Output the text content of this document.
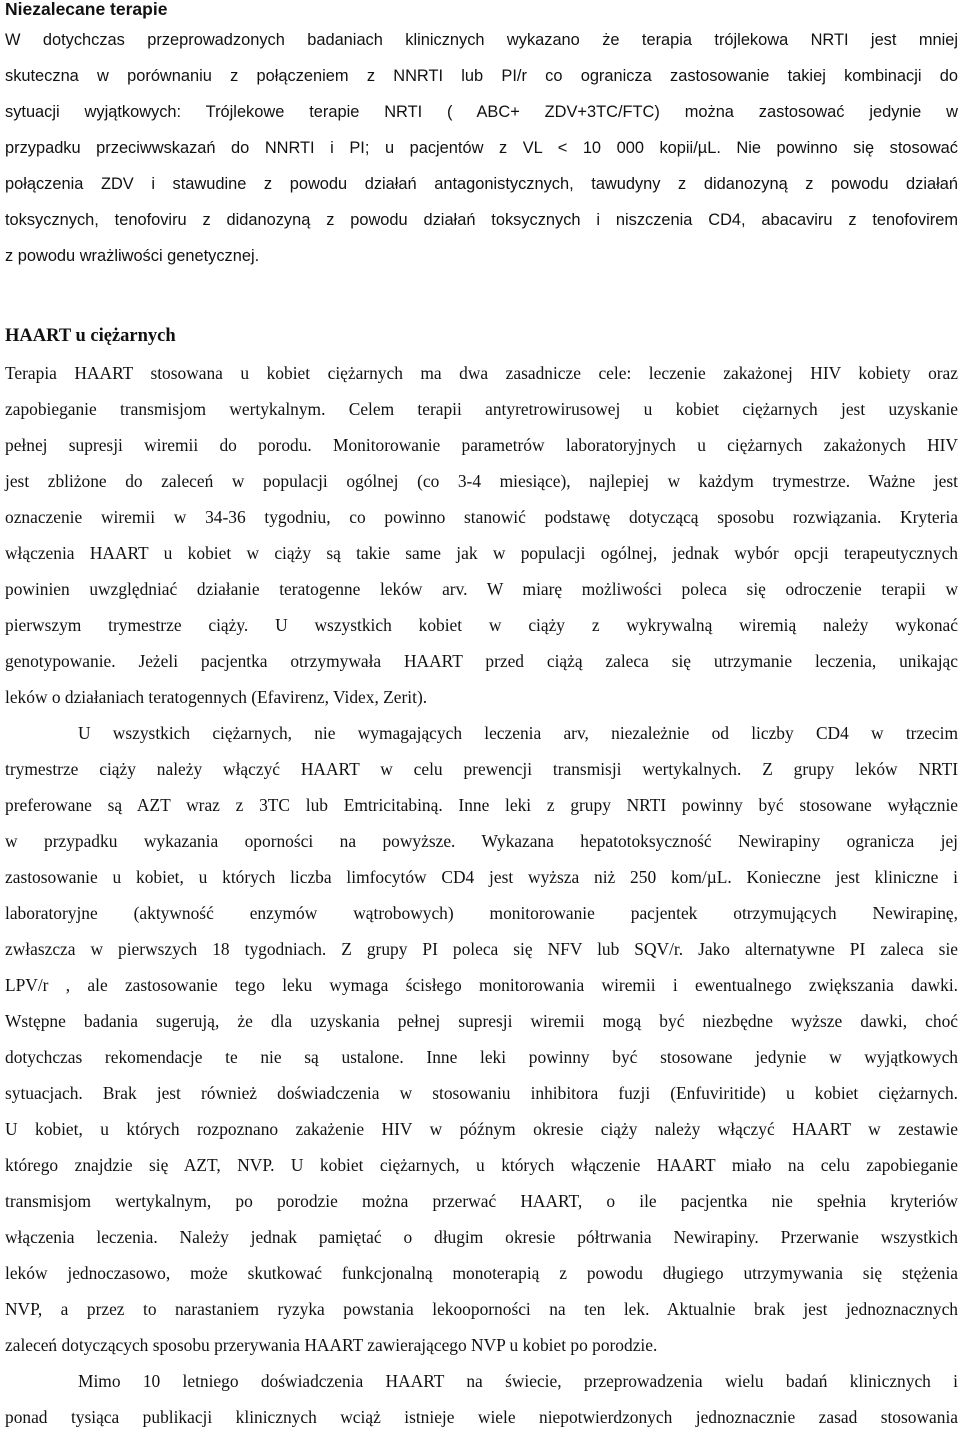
Niezalecane terapie
W dotychczas przeprowadzonych badaniach klinicznych wykazano że terapia trójlekowa NRTI jest mniej
skuteczna w porównaniu z połączeniem z NNRTI lub PI/r co ogranicza zastosowanie takiej kombinacji do
sytuacji wyjątkowych: Trójlekowe terapie NRTI ( ABC+ ZDV+3TC/FTC) można zastosować jedynie w
przypadku przeciwwskazań do NNRTI i PI; u pacjentów z VL < 10 000 kopii/µL. Nie powinno się stosować
połączenia ZDV i stawudine z powodu działań antagonistycznych, tawudyny z didanozyną z powodu działań
toksycznych, tenofoviru z didanozyną z powodu działań toksycznych i niszczenia CD4, abacaviru z tenofovirem
z powodu wrażliwości genetycznej.
HAART u ciężarnych
Terapia HAART stosowana u kobiet ciężarnych ma dwa zasadnicze cele: leczenie zakażonej HIV kobiety oraz
zapobieganie transmisjom wertykalnym. Celem terapii antyretrowirusowej u kobiet ciężarnych jest uzyskanie
pełnej supresji wiremii do porodu. Monitorowanie parametrów laboratoryjnych u ciężarnych zakażonych HIV
jest zbliżone do zaleceń w populacji ogólnej (co 3-4 miesiące), najlepiej w każdym trymestrze. Ważne jest
oznaczenie wiremii w 34-36 tygodniu, co powinno stanowić podstawę dotyczącą sposobu rozwiązania. Kryteria
włączenia HAART u kobiet w ciąży są takie same jak w populacji ogólnej, jednak wybór opcji terapeutycznych
powinien uwzględniać działanie teratogenne leków arv. W miarę możliwości poleca się odroczenie terapii w
pierwszym trymestrze ciąży. U wszystkich kobiet w ciąży z wykrywalną wiremią należy wykonać
genotypowanie. Jeżeli pacjentka otrzymywała HAART przed ciążą zaleca się utrzymanie leczenia, unikając
leków o działaniach teratogennych (Efavirenz, Videx, Zerit).
U wszystkich ciężarnych, nie wymagających leczenia arv, niezależnie od liczby CD4 w trzecim
trymestrze ciąży należy włączyć HAART w celu prewencji transmisji wertykalnych. Z grupy leków NRTI
preferowane są AZT wraz z 3TC lub Emtricitabiną. Inne leki z grupy NRTI powinny być stosowane wyłącznie
w przypadku wykazania oporności na powyższe. Wykazana hepatotoksyczność Newirapiny ogranicza jej
zastosowanie u kobiet, u których liczba limfocytów CD4 jest wyższa niż 250 kom/µL. Konieczne jest kliniczne i
laboratoryjne (aktywność enzymów wątrobowych) monitorowanie pacjentek otrzymujących Newirapinę,
zwłaszcza w pierwszych 18 tygodniach. Z grupy PI poleca się NFV lub SQV/r. Jako alternatywne PI zaleca sie
LPV/r , ale zastosowanie tego leku wymaga ścisłego monitorowania wiremii i ewentualnego zwiększania dawki.
Wstępne badania sugerują, że dla uzyskania pełnej supresji wiremii mogą być niezbędne wyższe dawki, choć
dotychczas rekomendacje te nie są ustalone. Inne leki powinny być stosowane jedynie w wyjątkowych
sytuacjach. Brak jest również doświadczenia w stosowaniu inhibitora fuzji (Enfuviritide) u kobiet ciężarnych.
U kobiet, u których rozpoznano zakażenie HIV w późnym okresie ciąży należy włączyć HAART w zestawie
którego znajdzie się AZT, NVP. U kobiet ciężarnych, u których włączenie HAART miało na celu zapobieganie
transmisjom wertykalnym, po porodzie można przerwać HAART, o ile pacjentka nie spełnia kryteriów
włączenia leczenia. Należy jednak pamiętać o długim okresie półtrwania Newirapiny. Przerwanie wszystkich
leków jednoczasowo, może skutkować funkcjonalną monoterapią z powodu długiego utrzymywania się stężenia
NVP, a przez to narastaniem ryzyka powstania lekooporności na ten lek. Aktualnie brak jest jednoznacznych
zaleceń dotyczących sposobu przerywania HAART zawierającego NVP u kobiet po porodzie.
Mimo 10 letniego doświadczenia HAART na świecie, przeprowadzenia wielu badań klinicznych i
ponad tysiąca publikacji klinicznych wciąż istnieje wiele niepotwierdzonych jednoznacznie zasad stosowania
